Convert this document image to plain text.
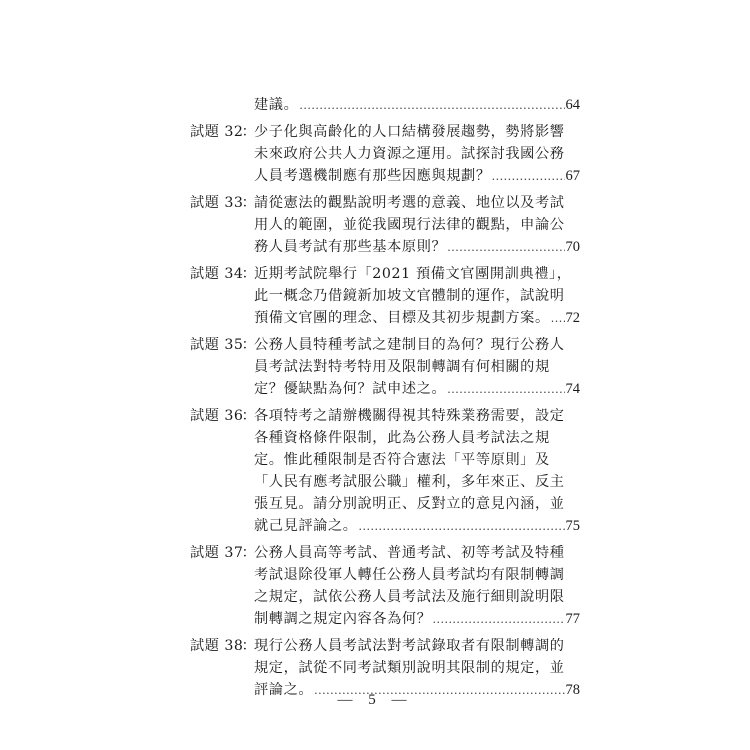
建議。 .....	64
試題 32
：
少子化與高齡化的人口結構發展趨勢，勢將影響
未來政府公共人力資源之運用。試探討我國公務
人員考選機制應有那些因應與規劃？ .....	67
試題 33
：
請從憲法的觀點說明考選的意義、地位以及考試
用人的範圍，並從我國現行法律的觀點，申論公
務人員考試有那些基本原則？ .....	70
試題 34
：
近期考試院舉行「2021 預備文官團開訓典禮」，
此一概念乃借鏡新加坡文官體制的運作，試說明
預備文官團的理念、目標及其初步規劃方案。 ..... 72
試題 35
：
公務人員特種考試之建制目的為何？現行公務人
員考試法對特考特用及限制轉調有何相關的規
定？優缺點為何？試申述之。 .....	74
試題 36
：
各項特考之請辦機關得視其特殊業務需要，設定
各種資格條件限制，此為公務人員考試法之規
定。惟此種限制是否符合憲法「平等原則」及
「人民有應考試服公職」權利，多年來正、反主
張互見。請分別說明正、反對立的意見內涵，並
就己見評論之。 .....	75
試題 37
：
公務人員高等考試、普通考試、初等考試及特種
考試退除役軍人轉任公務人員考試均有限制轉調
之規定，試依公務人員考試法及施行細則說明限
制轉調之規定內容各為何？ .....	77
試題 38
：
現行公務人員考試法對考試錄取者有限制轉調的
規定，試從不同考試類別說明其限制的規定，並
評論之。 .....	78
— 5 —
